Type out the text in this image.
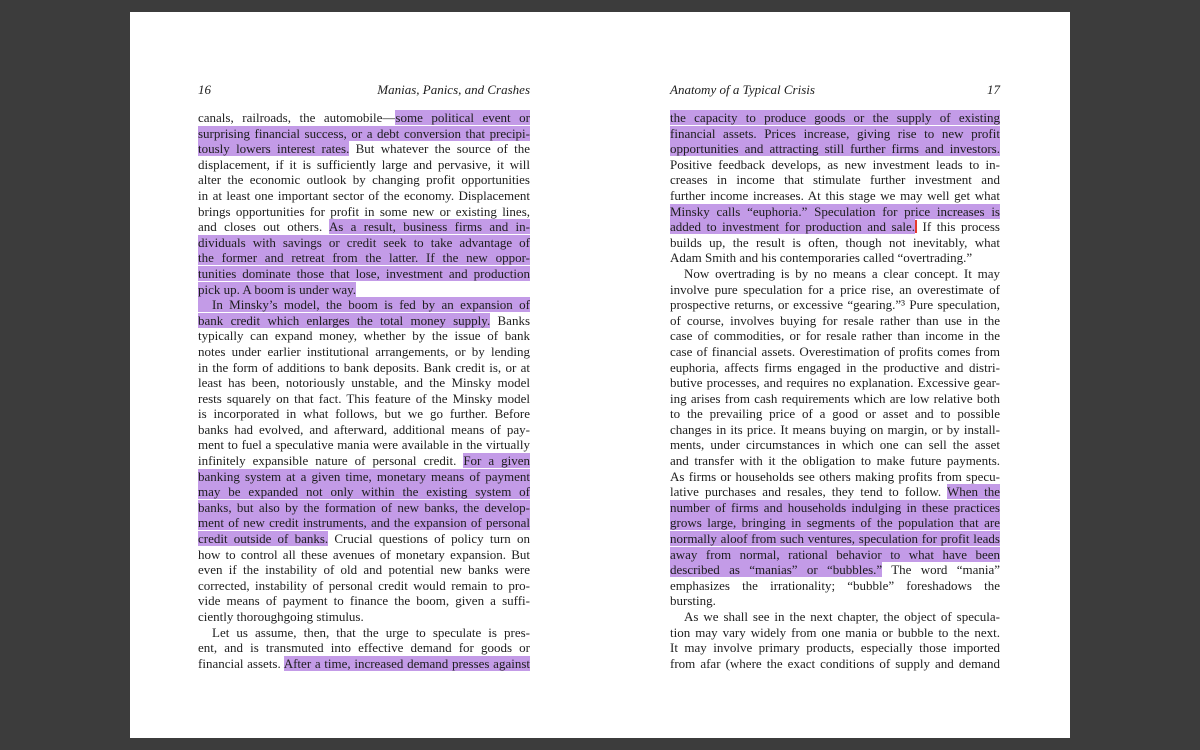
16	Manias, Panics, and Crashes	Anatomy of a Typical Crisis	17
canals, railroads, the automobile—some political event or
surprising financial success, or a debt conversion that precipi-
tously lowers interest rates. But whatever the source of the
displacement, if it is sufficiently large and pervasive, it will
alter the economic outlook by changing profit opportunities
in at least one important sector of the economy. Displacement
brings opportunities for profit in some new or existing lines,
and closes out others. As a result, business firms and in-
dividuals with savings or credit seek to take advantage of
the former and retreat from the latter. If the new oppor-
tunities dominate those that lose, investment and production
pick up. A boom is under way.
In Minsky’s model, the boom is fed by an expansion of
bank credit which enlarges the total money supply. Banks
typically can expand money, whether by the issue of bank
notes under earlier institutional arrangements, or by lending
in the form of additions to bank deposits. Bank credit is, or at
least has been, notoriously unstable, and the Minsky model
rests squarely on that fact. This feature of the Minsky model
is incorporated in what follows, but we go further. Before
banks had evolved, and afterward, additional means of pay-
ment to fuel a speculative mania were available in the virtually
infinitely expansible nature of personal credit. For a given
banking system at a given time, monetary means of payment
may be expanded not only within the existing system of
banks, but also by the formation of new banks, the develop-
ment of new credit instruments, and the expansion of personal
credit outside of banks. Crucial questions of policy turn on
how to control all these avenues of monetary expansion. But
even if the instability of old and potential new banks were
corrected, instability of personal credit would remain to pro-
vide means of payment to finance the boom, given a suffi-
ciently thoroughgoing stimulus.
Let us assume, then, that the urge to speculate is pres-
ent, and is transmuted into effective demand for goods or
financial assets. After a time, increased demand presses against
the capacity to produce goods or the supply of existing
financial assets. Prices increase, giving rise to new profit
opportunities and attracting still further firms and investors.
Positive feedback develops, as new investment leads to in-
creases in income that stimulate further investment and
further income increases. At this stage we may well get what
Minsky calls “euphoria.” Speculation for price increases is
added to investment for production and sale. If this process
builds up, the result is often, though not inevitably, what
Adam Smith and his contemporaries called “overtrading.”
Now overtrading is by no means a clear concept. It may
involve pure speculation for a price rise, an overestimate of
prospective returns, or excessive “gearing.”³ Pure speculation,
of course, involves buying for resale rather than use in the
case of commodities, or for resale rather than income in the
case of financial assets. Overestimation of profits comes from
euphoria, affects firms engaged in the productive and distri-
butive processes, and requires no explanation. Excessive gear-
ing arises from cash requirements which are low relative both
to the prevailing price of a good or asset and to possible
changes in its price. It means buying on margin, or by install-
ments, under circumstances in which one can sell the asset
and transfer with it the obligation to make future payments.
As firms or households see others making profits from specu-
lative purchases and resales, they tend to follow. When the
number of firms and households indulging in these practices
grows large, bringing in segments of the population that are
normally aloof from such ventures, speculation for profit leads
away from normal, rational behavior to what have been
described as “manias” or “bubbles.” The word “mania”
emphasizes the irrationality; “bubble” foreshadows the
bursting.
As we shall see in the next chapter, the object of specula-
tion may vary widely from one mania or bubble to the next.
It may involve primary products, especially those imported
from afar (where the exact conditions of supply and demand
